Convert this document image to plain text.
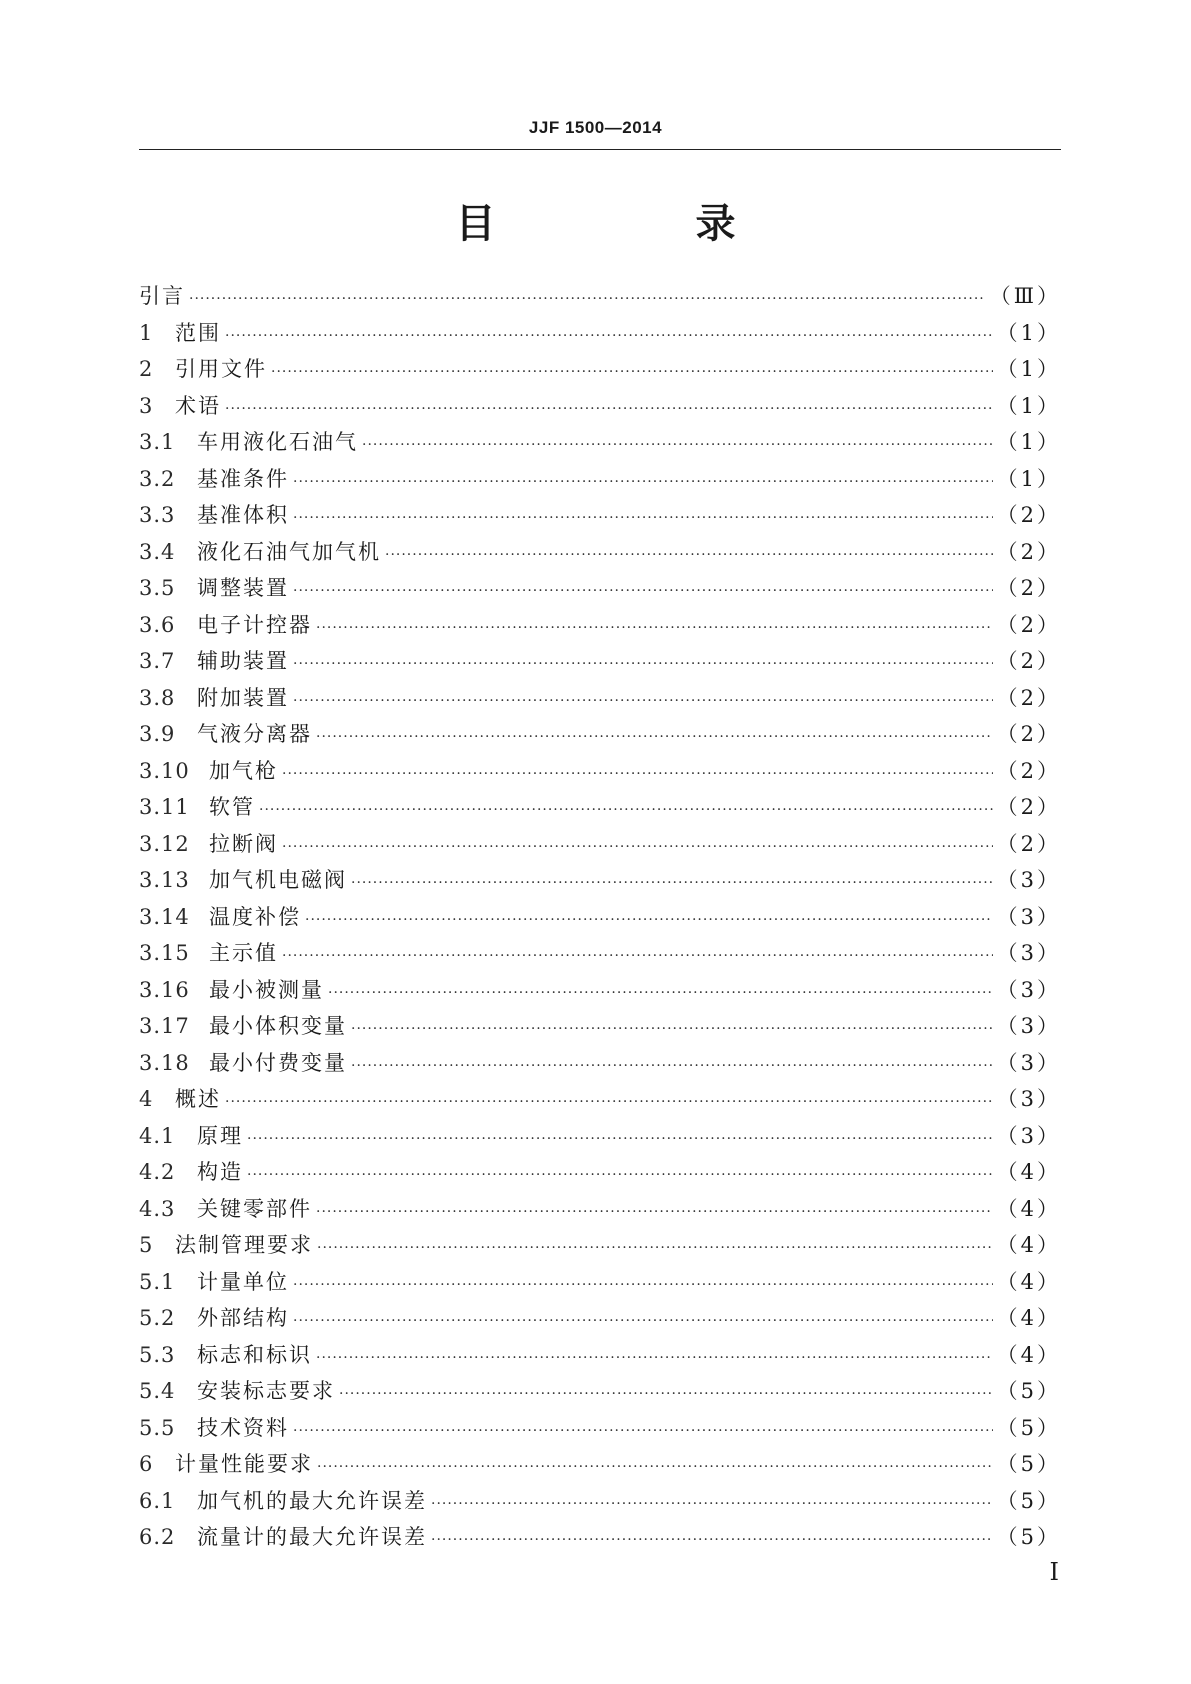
JJF 1500—2014
目　录
引言 ·····	（Ⅲ）
1 范围 ·····	（1）
2 引用文件 ·····	（1）
3 术语 ·····	（1）
3.1 车用液化石油气 ·····	（1）
3.2 基准条件 ·····	（1）
3.3 基准体积 ·····	（2）
3.4 液化石油气加气机 ·····	（2）
3.5 调整装置 ·····	（2）
3.6 电子计控器 ·····	（2）
3.7 辅助装置 ·····	（2）
3.8 附加装置 ·····	（2）
3.9 气液分离器 ·····	（2）
3.10 加气枪 ·····	（2）
3.11 软管 ·····	（2）
3.12 拉断阀 ·····	（2）
3.13 加气机电磁阀 ·····	（3）
3.14 温度补偿 ·····	（3）
3.15 主示值 ·····	（3）
3.16 最小被测量 ·····	（3）
3.17 最小体积变量 ·····	（3）
3.18 最小付费变量 ·····	（3）
4 概述 ·····	（3）
4.1 原理 ·····	（3）
4.2 构造 ·····	（4）
4.3 关键零部件 ·····	（4）
5 法制管理要求 ·····	（4）
5.1 计量单位 ·····	（4）
5.2 外部结构 ·····	（4）
5.3 标志和标识 ·····	（4）
5.4 安装标志要求 ·····	（5）
5.5 技术资料 ·····	（5）
6 计量性能要求 ·····	（5）
6.1 加气机的最大允许误差 ·····	（5）
6.2 流量计的最大允许误差 ·····	（5）
Ⅰ
